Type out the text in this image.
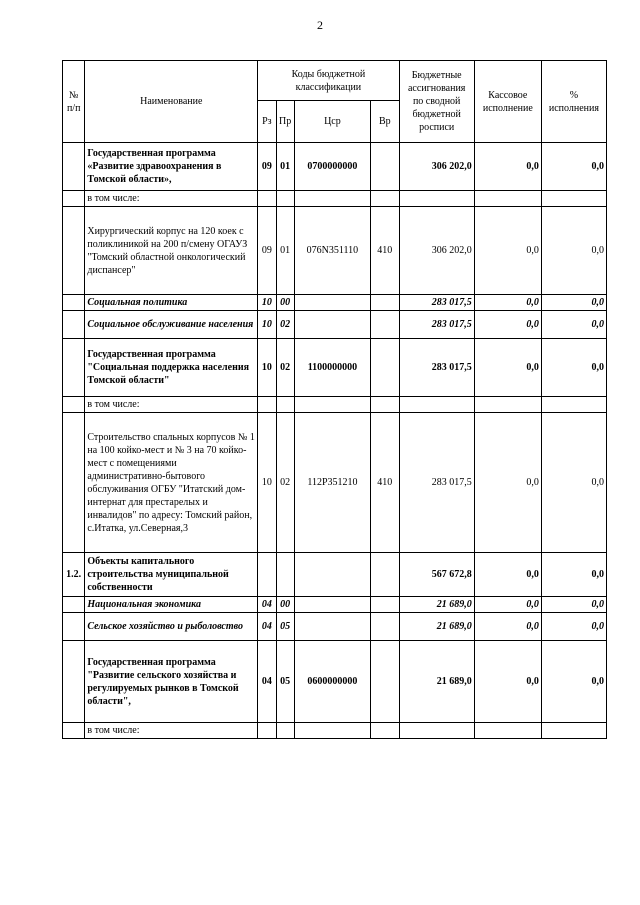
2
№ п/п	Наименование	Коды бюджетной классификации				Бюджетные ассигнования по сводной бюджетной росписи	Кассовое исполнение	% исполнения
		Рз	Пр	Цср	Вр			
	Государственная программа «Развитие здравоохранения в Томской области»,	09	01	0700000000		306 202,0	0,0	0,0
	в том числе:							
	Хирургический корпус на 120 коек с поликлиникой на 200 п/смену ОГАУЗ "Томский областной онкологический диспансер"	09	01	076N351110	410	306 202,0	0,0	0,0
	Социальная политика	10	00			283 017,5	0,0	0,0
	Социальное обслуживание населения	10	02			283 017,5	0,0	0,0
	Государственная программа "Социальная поддержка населения Томской области"	10	02	1100000000		283 017,5	0,0	0,0
	в том числе:							
	Строительство спальных корпусов № 1 на 100 койко-мест и № 3 на 70 койко-мест с помещениями административно-бытового обслуживания ОГБУ "Итатский дом-интернат для престарелых и инвалидов" по адресу: Томский район, с.Итатка, ул.Северная,3	10	02	112P351210	410	283 017,5	0,0	0,0
1.2.	Объекты капитального строительства муниципальной собственности					567 672,8	0,0	0,0
	Национальная экономика	04	00			21 689,0	0,0	0,0
	Сельское хозяйство и рыболовство	04	05			21 689,0	0,0	0,0
	Государственная программа "Развитие сельского хозяйства и регулируемых рынков в Томской области",	04	05	0600000000		21 689,0	0,0	0,0
	в том числе:							
